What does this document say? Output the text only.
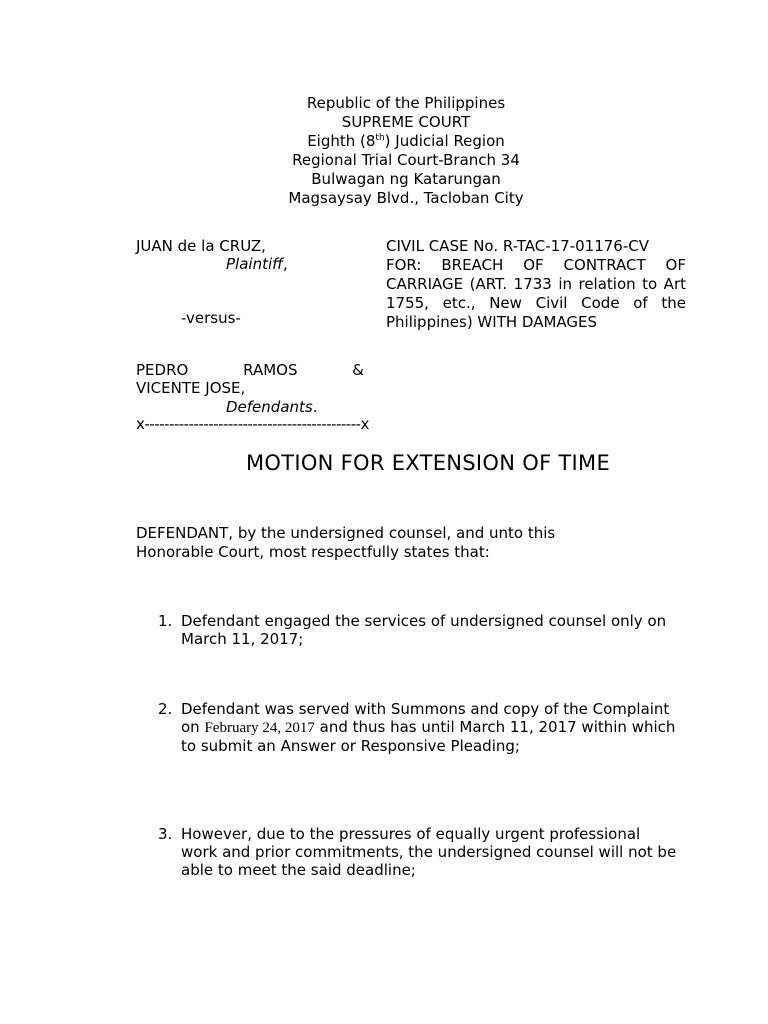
Republic of the Philippines
SUPREME COURT
Eighth (8th) Judicial Region
Regional Trial Court-Branch 34
Bulwagan ng Katarungan
Magsaysay Blvd., Tacloban City
JUAN de la CRUZ,
Plaintiff,
-versus-
PEDRO	RAMOS	&
VICENTE JOSE,
Defendants.
x--------------------------------------------x

CIVIL CASE No. R-TAC-17-01176-CV

FOR: BREACH OF CONTRACT OF CARRIAGE (ART. 1733 in relation to Art 1755, etc., New Civil Code of the Philippines) WITH DAMAGES

MOTION FOR EXTENSION OF TIME
DEFENDANT, by the undersigned counsel, and unto this Honorable Court, most respectfully states that:
1. Defendant engaged the services of undersigned counsel only on March 11, 2017;
2. Defendant was served with Summons and copy of the Complaint on February 24, 2017 and thus has until March 11, 2017 within which to submit an Answer or Responsive Pleading;
3. However, due to the pressures of equally urgent professional work and prior commitments, the undersigned counsel will not be able to meet the said deadline;
